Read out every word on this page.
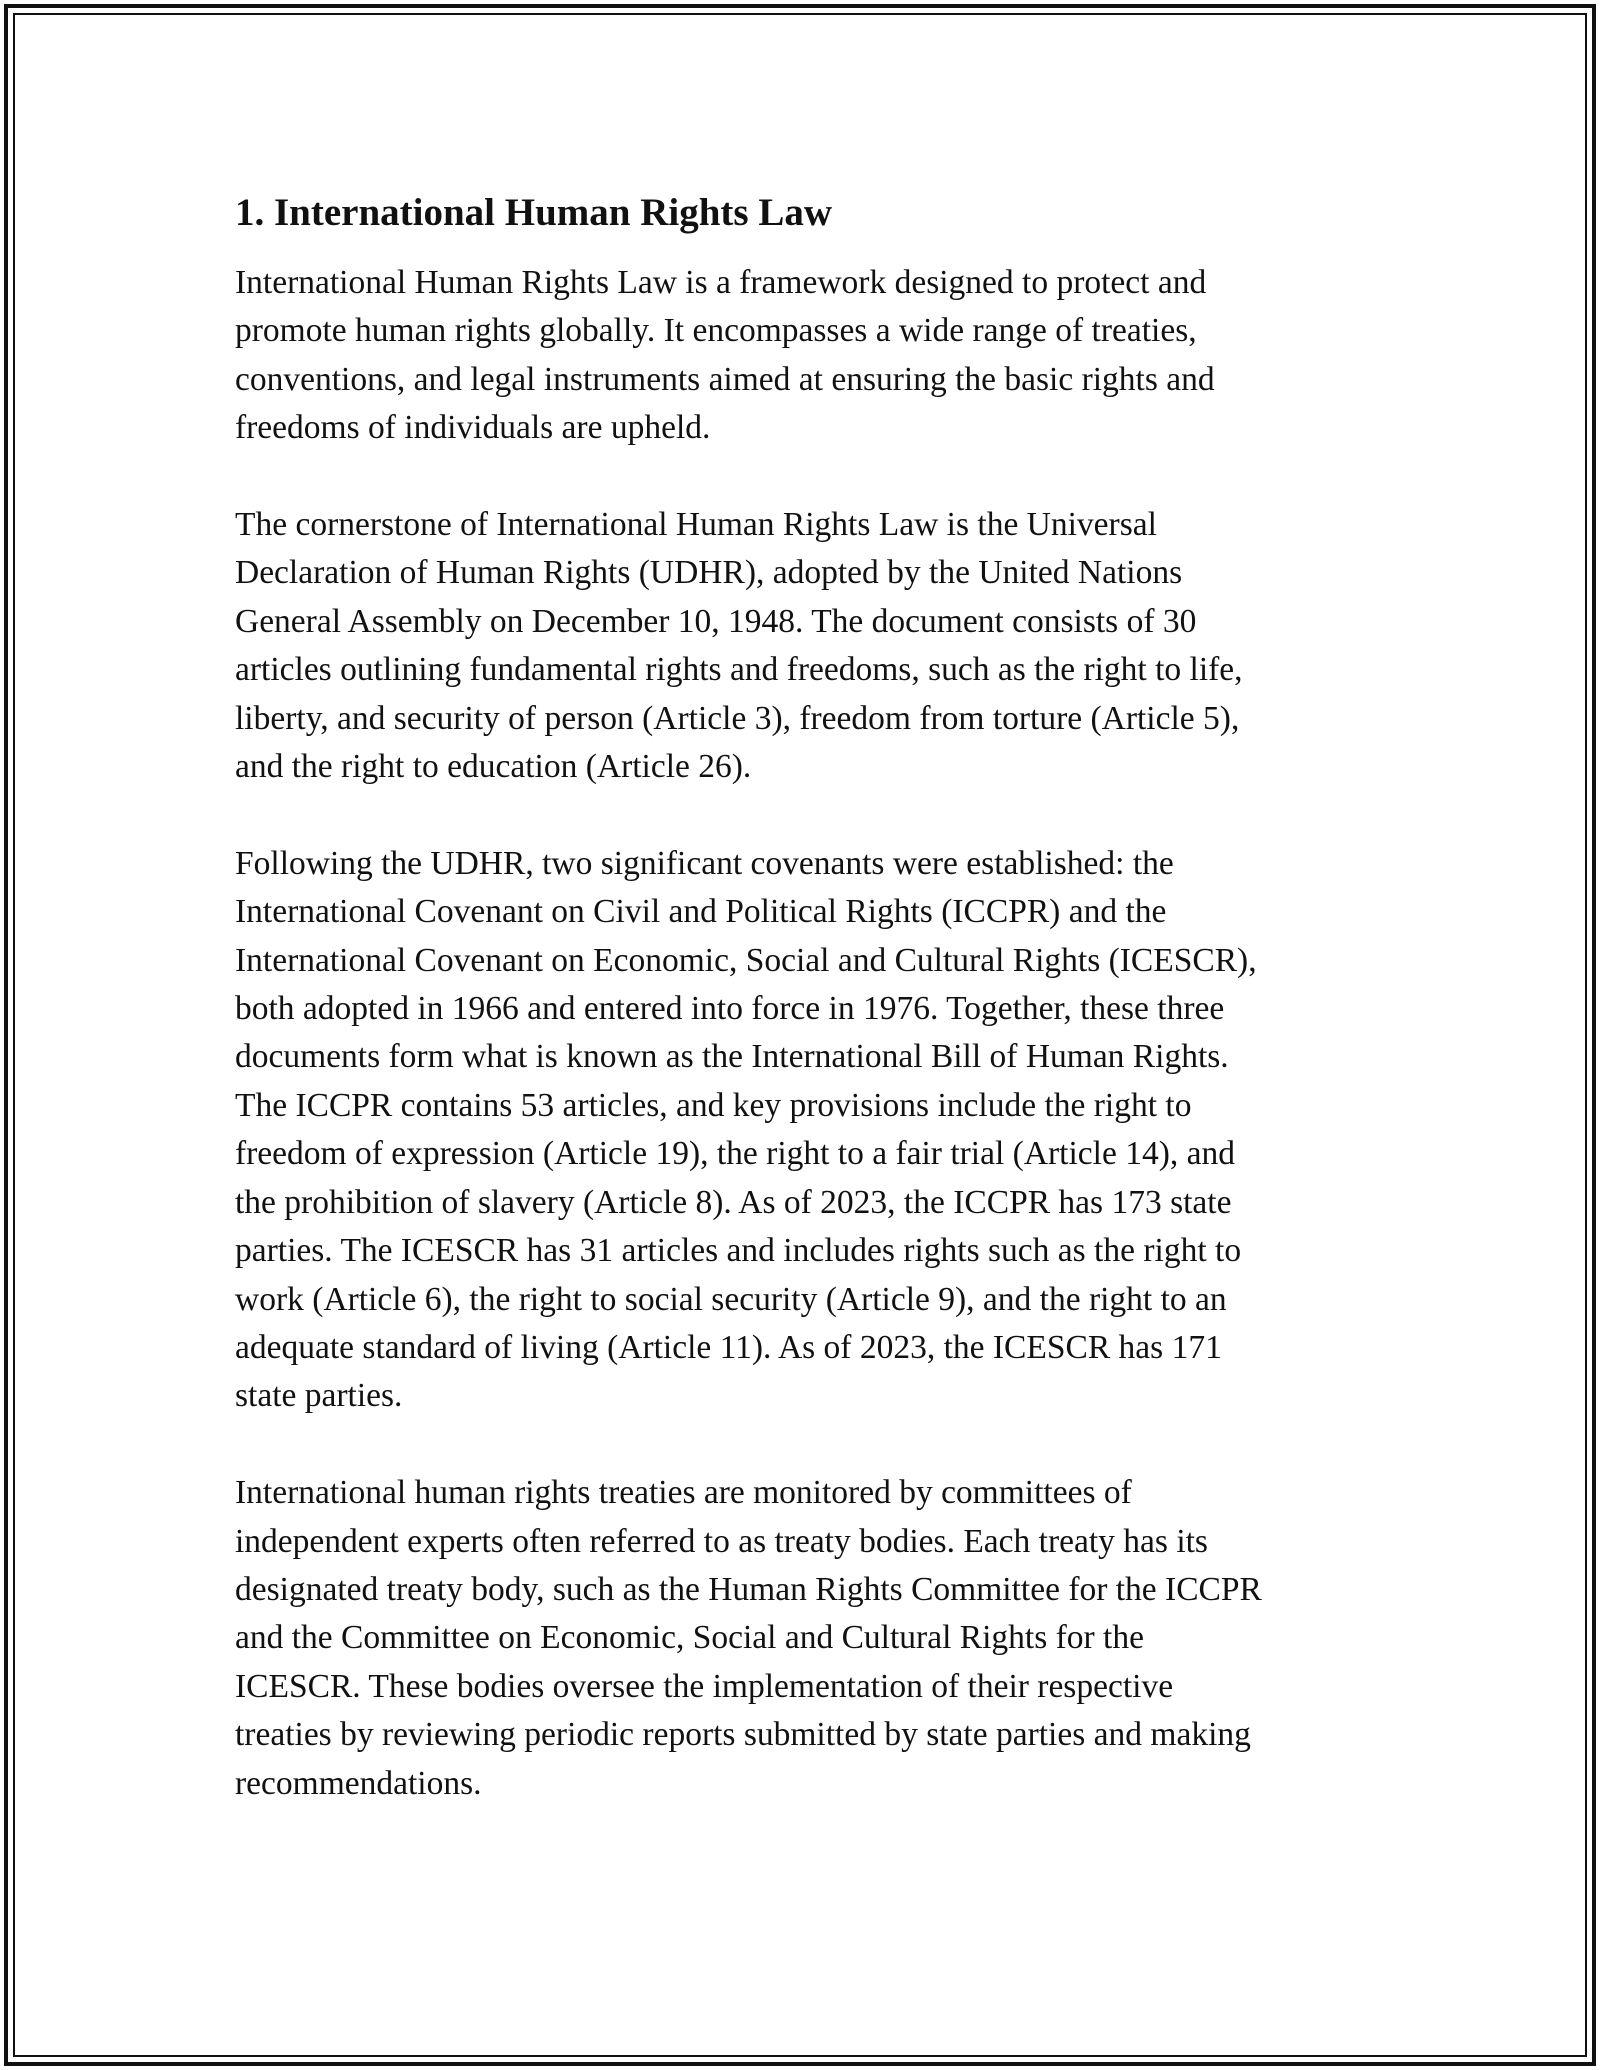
1. International Human Rights Law

International Human Rights Law is a framework designed to protect and
promote human rights globally. It encompasses a wide range of treaties,
conventions, and legal instruments aimed at ensuring the basic rights and
freedoms of individuals are upheld.

The cornerstone of International Human Rights Law is the Universal
Declaration of Human Rights (UDHR), adopted by the United Nations
General Assembly on December 10, 1948. The document consists of 30
articles outlining fundamental rights and freedoms, such as the right to life,
liberty, and security of person (Article 3), freedom from torture (Article 5),
and the right to education (Article 26).

Following the UDHR, two significant covenants were established: the
International Covenant on Civil and Political Rights (ICCPR) and the
International Covenant on Economic, Social and Cultural Rights (ICESCR),
both adopted in 1966 and entered into force in 1976. Together, these three
documents form what is known as the International Bill of Human Rights.
The ICCPR contains 53 articles, and key provisions include the right to
freedom of expression (Article 19), the right to a fair trial (Article 14), and
the prohibition of slavery (Article 8). As of 2023, the ICCPR has 173 state
parties. The ICESCR has 31 articles and includes rights such as the right to
work (Article 6), the right to social security (Article 9), and the right to an
adequate standard of living (Article 11). As of 2023, the ICESCR has 171
state parties.

International human rights treaties are monitored by committees of
independent experts often referred to as treaty bodies. Each treaty has its
designated treaty body, such as the Human Rights Committee for the ICCPR
and the Committee on Economic, Social and Cultural Rights for the
ICESCR. These bodies oversee the implementation of their respective
treaties by reviewing periodic reports submitted by state parties and making
recommendations.
